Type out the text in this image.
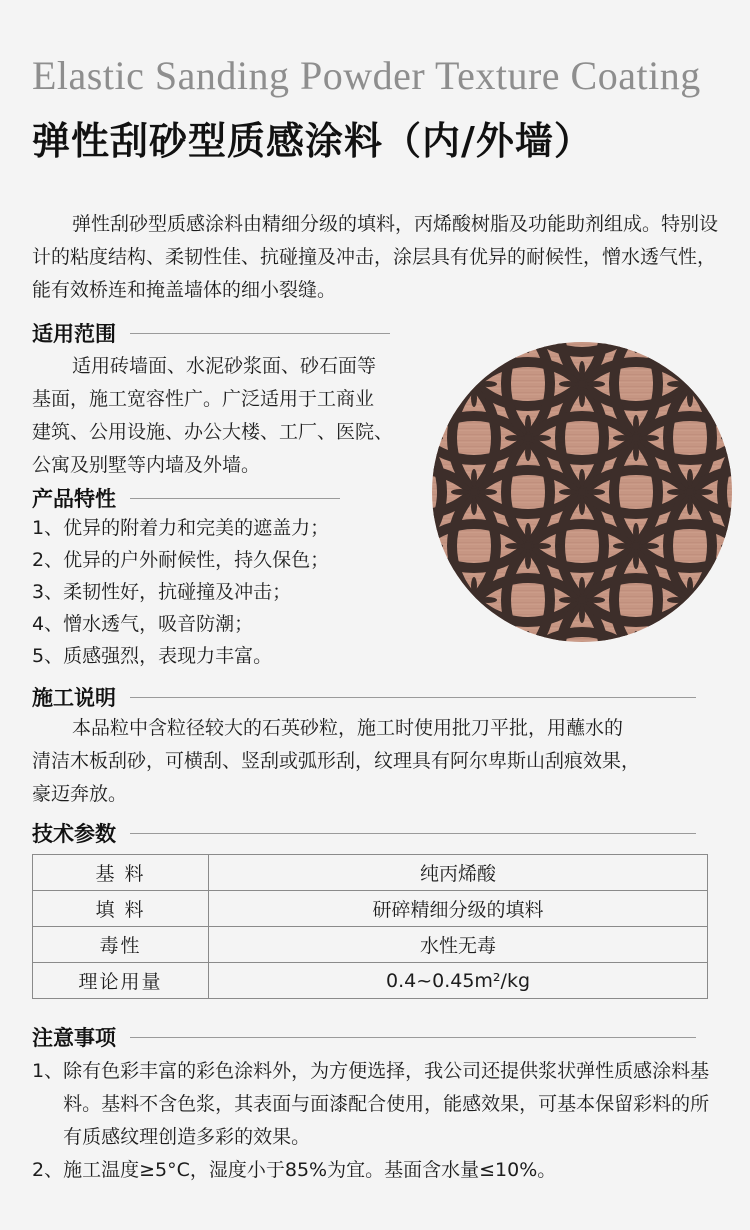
Elastic Sanding Powder Texture Coating
弹性刮砂型质感涂料（内/外墙）
弹性刮砂型质感涂料由精细分级的填料，丙烯酸树脂及功能助剂组成。特别设计的粘度结构、柔韧性佳、抗碰撞及冲击，涂层具有优异的耐候性，憎水透气性，能有效桥连和掩盖墙体的细小裂缝。
适用范围
适用砖墙面、水泥砂浆面、砂石面等
基面，施工宽容性广。广泛适用于工商业
建筑、公用设施、办公大楼、工厂、医院、
公寓及别墅等内墙及外墙。
产品特性
1、优异的附着力和完美的遮盖力；
2、优异的户外耐候性，持久保色；
3、柔韧性好，抗碰撞及冲击；
4、憎水透气，吸音防潮；
5、质感强烈，表现力丰富。
施工说明
本品粒中含粒径较大的石英砂粒，施工时使用批刀平批，用蘸水的
清洁木板刮砂，可横刮、竖刮或弧形刮，纹理具有阿尔卑斯山刮痕效果，
豪迈奔放。
技术参数
基 料	纯丙烯酸
填 料	研碎精细分级的填料
毒性	水性无毒
理论用量	0.4~0.45m²/kg
注意事项
1、 除有色彩丰富的彩色涂料外，为方便选择，我公司还提供浆状弹性质感涂料基料。基料不含色浆，其表面与面漆配合使用，能感效果，可基本保留彩料的所有质感纹理创造多彩的效果。
2、 施工温度≥5°C，湿度小于85%为宜。基面含水量≤10%。
